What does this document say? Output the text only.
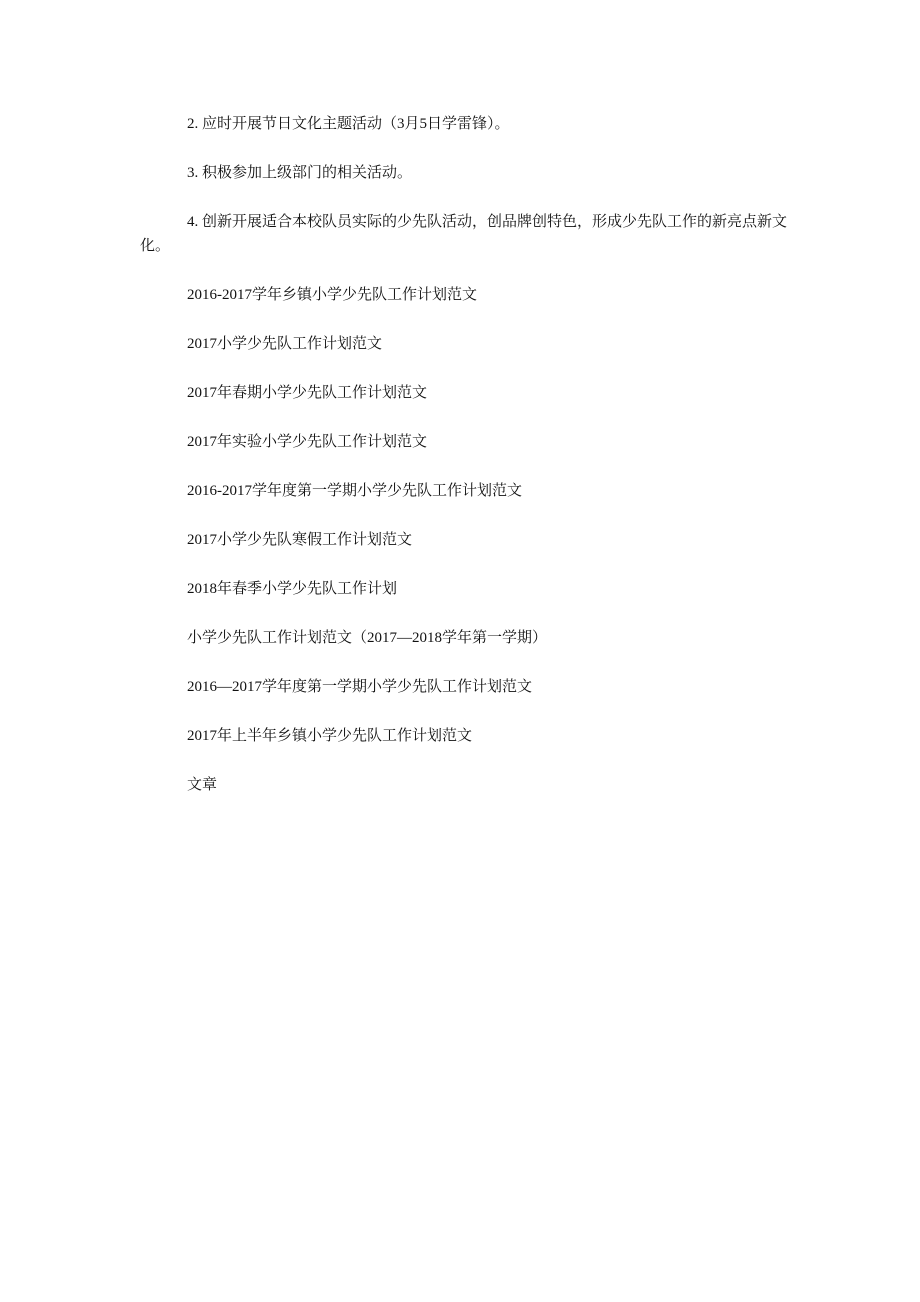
2. 应时开展节日文化主题活动（3月5日学雷锋）。

3. 积极参加上级部门的相关活动。

4. 创新开展适合本校队员实际的少先队活动，创品牌创特色，形成少先队工作的新亮点新文化。

2016-2017学年乡镇小学少先队工作计划范文
2017小学少先队工作计划范文
2017年春期小学少先队工作计划范文
2017年实验小学少先队工作计划范文
2016-2017学年度第一学期小学少先队工作计划范文
2017小学少先队寒假工作计划范文
2018年春季小学少先队工作计划
小学少先队工作计划范文（2017—2018学年第一学期）
2016—2017学年度第一学期小学少先队工作计划范文
2017年上半年乡镇小学少先队工作计划范文

文章
